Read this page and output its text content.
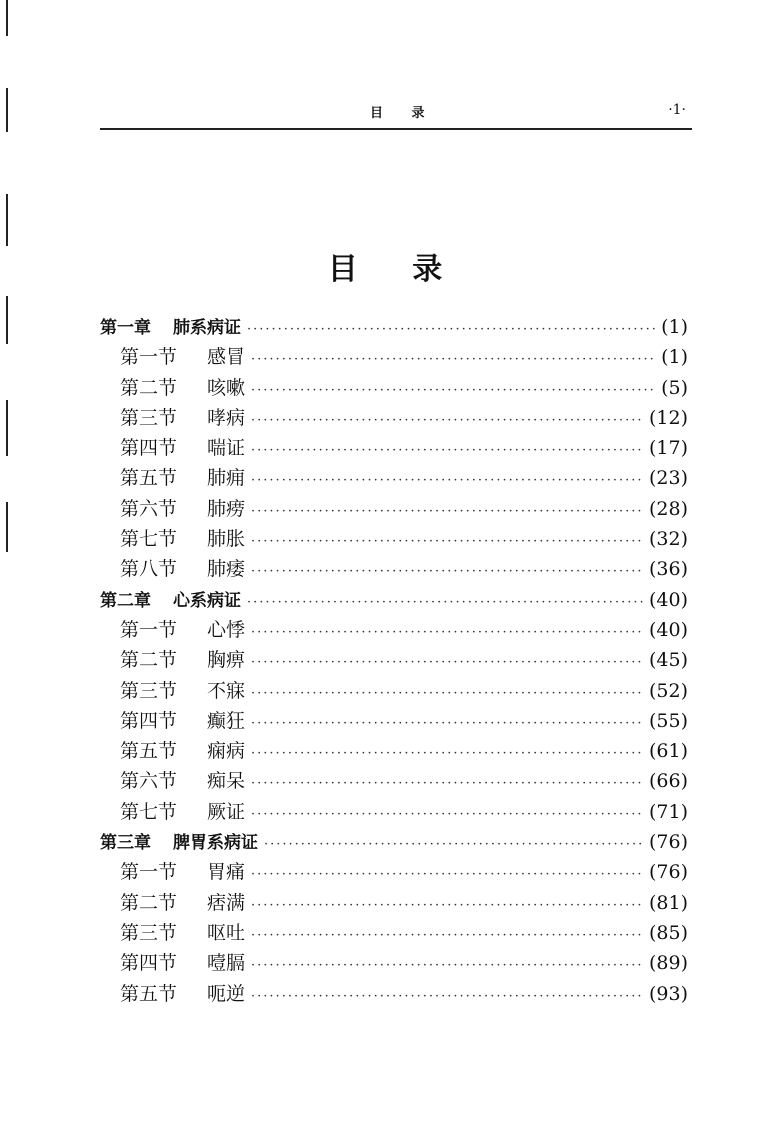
目 录	·1·
目 录
第一章 肺系病证 ·····	(1)
第一节 感冒 ·····	(1)
第二节 咳嗽 ·····	(5)
第三节 哮病 ·····	(12)
第四节 喘证 ·····	(17)
第五节 肺痈 ·····	(23)
第六节 肺痨 ·····	(28)
第七节 肺胀 ·····	(32)
第八节 肺痿 ·····	(36)
第二章 心系病证 ·····	(40)
第一节 心悸 ·····	(40)
第二节 胸痹 ·····	(45)
第三节 不寐 ·····	(52)
第四节 癫狂 ·····	(55)
第五节 痫病 ·····	(61)
第六节 痴呆 ·····	(66)
第七节 厥证 ·····	(71)
第三章 脾胃系病证 ·····	(76)
第一节 胃痛 ·····	(76)
第二节 痞满 ·····	(81)
第三节 呕吐 ·····	(85)
第四节 噎膈 ·····	(89)
第五节 呃逆 ·····	(93)
